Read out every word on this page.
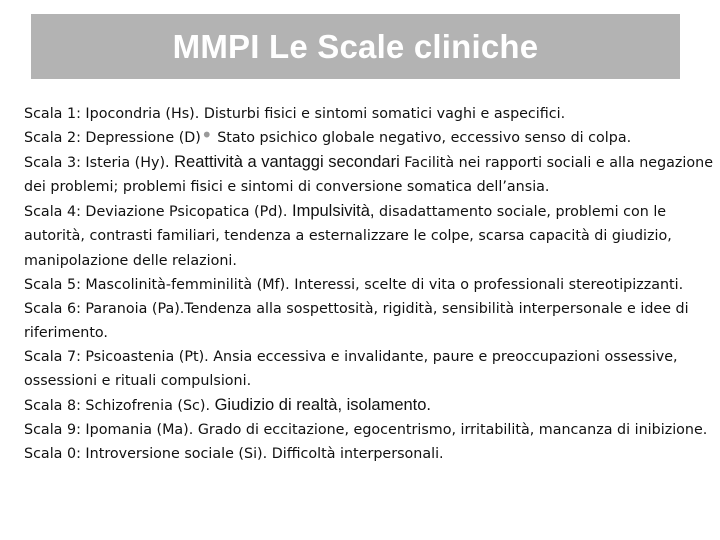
MMPI Le Scale cliniche

Scala 1: Ipocondria (Hs). Disturbi fisici e sintomi somatici vaghi e aspecifici.

Scala 2: Depressione (D)• Stato psichico globale negativo, eccessivo senso di colpa.

Scala 3: Isteria (Hy). Reattività a vantaggi secondari Facilità nei rapporti sociali e alla negazione dei problemi; problemi fisici e sintomi di conversione somatica dell’ansia.

Scala 4: Deviazione Psicopatica (Pd). Impulsività, disadattamento sociale, problemi con le autorità, contrasti familiari, tendenza a esternalizzare le colpe, scarsa capacità di giudizio, manipolazione delle relazioni.

Scala 5: Mascolinità-femminilità (Mf). Interessi, scelte di vita o professionali stereotipizzanti.

Scala 6: Paranoia (Pa).Tendenza alla sospettosità, rigidità, sensibilità interpersonale e idee di riferimento.

Scala 7: Psicoastenia (Pt). Ansia eccessiva e invalidante, paure e preoccupazioni ossessive, ossessioni e rituali compulsioni.

Scala 8: Schizofrenia (Sc). Giudizio di realtà, isolamento.

Scala 9: Ipomania (Ma). Grado di eccitazione, egocentrismo, irritabilità, mancanza di inibizione.

Scala 0: Introversione sociale (Si). Difficoltà interpersonali.
